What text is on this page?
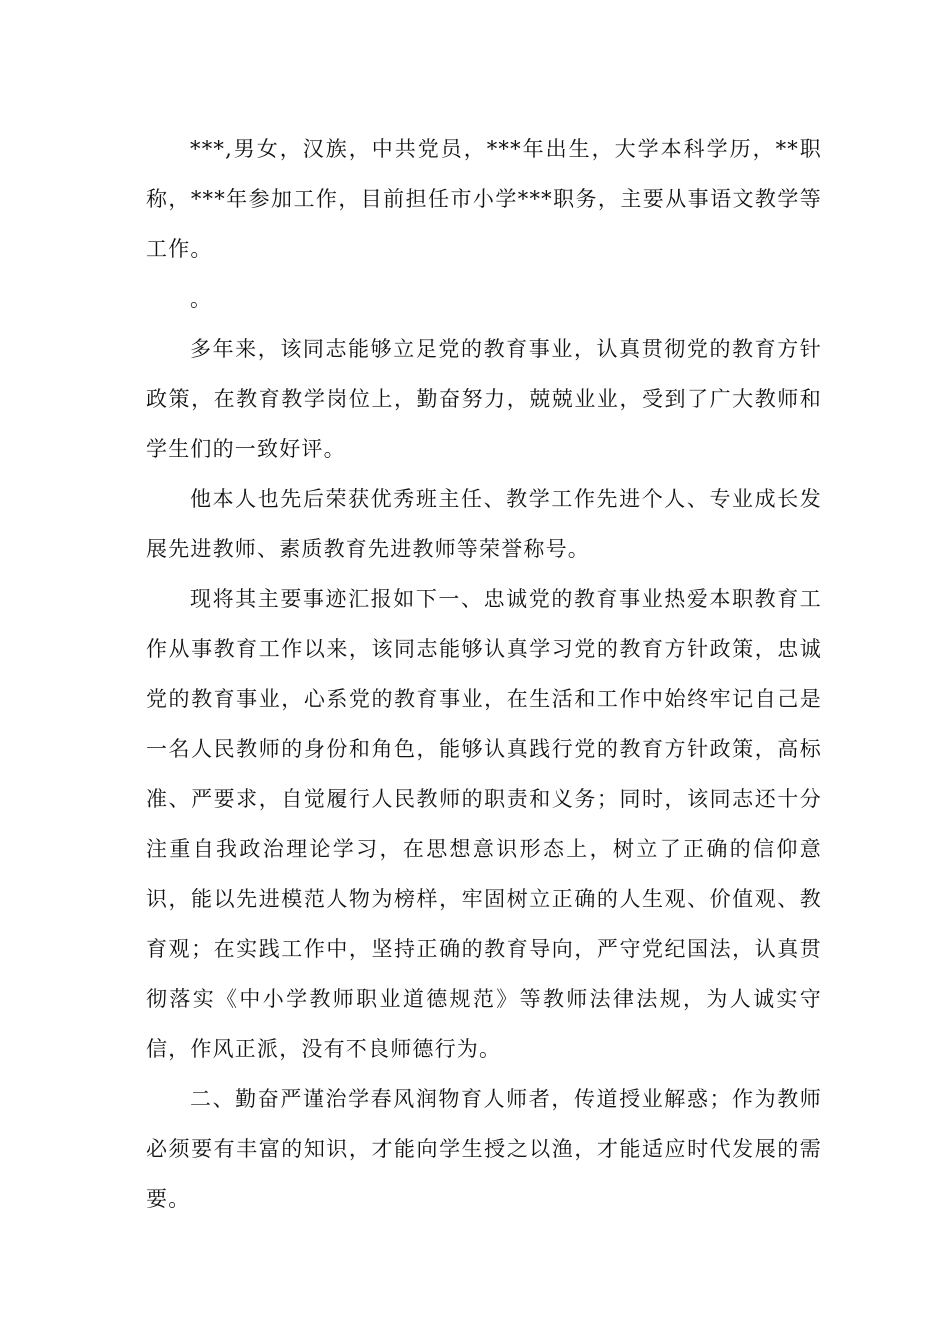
***,男女，汉族，中共党员，***年出生，大学本科学历，**职称，***年参加工作，目前担任市小学***职务，主要从事语文教学等工作。

。

多年来，该同志能够立足党的教育事业，认真贯彻党的教育方针政策，在教育教学岗位上，勤奋努力，兢兢业业，受到了广大教师和学生们的一致好评。

他本人也先后荣获优秀班主任、教学工作先进个人、专业成长发展先进教师、素质教育先进教师等荣誉称号。

现将其主要事迹汇报如下一、忠诚党的教育事业热爱本职教育工作从事教育工作以来，该同志能够认真学习党的教育方针政策，忠诚党的教育事业，心系党的教育事业，在生活和工作中始终牢记自己是一名人民教师的身份和角色，能够认真践行党的教育方针政策，高标准、严要求，自觉履行人民教师的职责和义务；同时，该同志还十分注重自我政治理论学习，在思想意识形态上，树立了正确的信仰意识，能以先进模范人物为榜样，牢固树立正确的人生观、价值观、教育观；在实践工作中，坚持正确的教育导向，严守党纪国法，认真贯彻落实《中小学教师职业道德规范》等教师法律法规，为人诚实守信，作风正派，没有不良师德行为。

二、勤奋严谨治学春风润物育人师者，传道授业解惑；作为教师必须要有丰富的知识，才能向学生授之以渔，才能适应时代发展的需要。
